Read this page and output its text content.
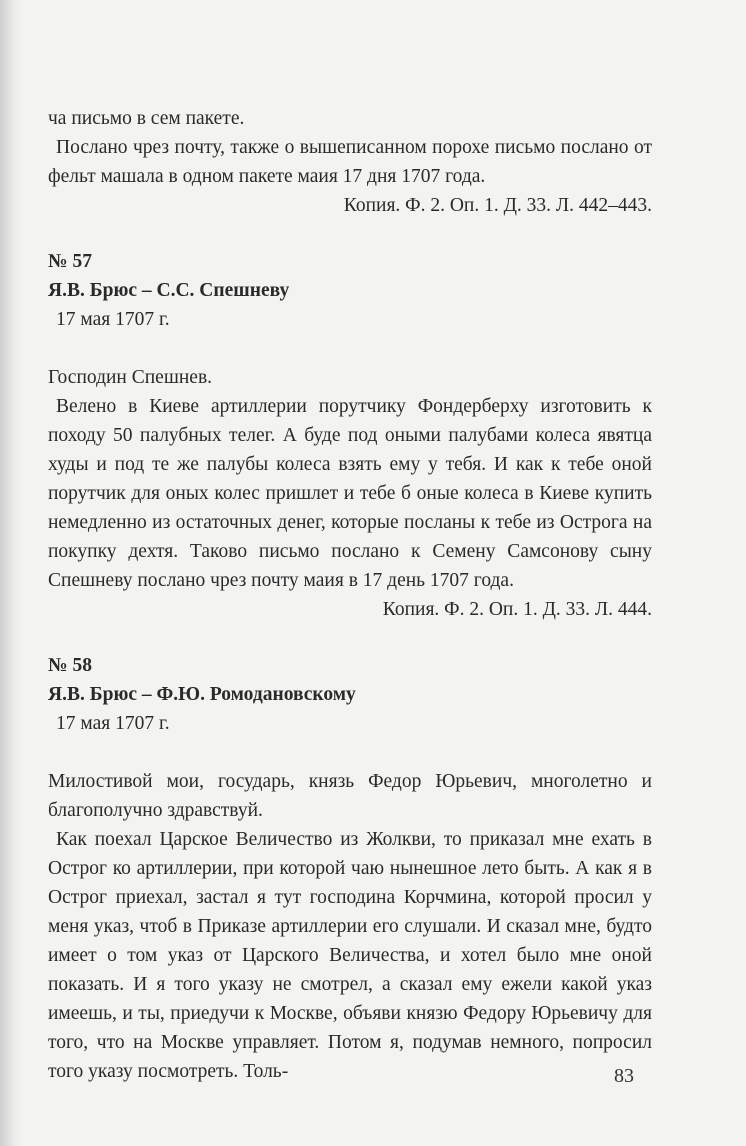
ча письмо в сем пакете.

Послано чрез почту, также о вышеписанном порохе письмо послано от фельт машала в одном пакете маия 17 дня 1707 года.

Копия. Ф. 2. Оп. 1. Д. 33. Л. 442–443.

№ 57
Я.В. Брюс – С.С. Спешневу
17 мая 1707 г.

Господин Спешнев.

Велено в Киеве артиллерии порутчику Фондерберху изготовить к походу 50 палубных телег. А буде под оными палубами колеса явятца худы и под те же палубы колеса взять ему у тебя. И как к тебе оной порутчик для оных колес пришлет и тебе б оные колеса в Киеве купить немедленно из остаточных денег, которые посланы к тебе из Острога на покупку дехтя. Таково письмо послано к Семену Самсонову сыну Спешневу послано чрез почту маия в 17 день 1707 года.

Копия. Ф. 2. Оп. 1. Д. 33. Л. 444.

№ 58
Я.В. Брюс – Ф.Ю. Ромодановскому
17 мая 1707 г.

Милостивой мои, государь, князь Федор Юрьевич, многолетно и благополучно здравствуй.

Как поехал Царское Величество из Жолкви, то приказал мне ехать в Острог ко артиллерии, при которой чаю нынешное лето быть. А как я в Острог приехал, застал я тут господина Корчмина, которой просил у меня указ, чтоб в Приказе артиллерии его слушали. И сказал мне, будто имеет о том указ от Царского Величества, и хотел было мне оной показать. И я того указу не смотрел, а сказал ему ежели какой указ имеешь, и ты, приедучи к Москве, объяви князю Федору Юрьевичу для того, что на Москве управляет. Потом я, подумав немного, попросил того указу посмотреть. Толь-	83
